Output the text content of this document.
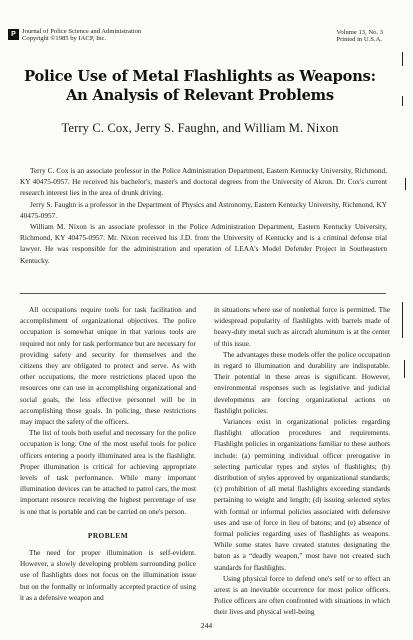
P Journal of Police Science and Administration
Copyright ©1985 by IACP, Inc.
Volume 13, No. 3
Printed in U.S.A.
Police Use of Metal Flashlights as Weapons:
An Analysis of Relevant Problems
Terry C. Cox, Jerry S. Faughn, and William M. Nixon

Terry C. Cox is an associate professor in the Police Administration Department, Eastern Kentucky University, Richmond, KY 40475-0957. He received his bachelor's, master's and doctoral degrees from the University of Akron. Dr. Cox's current research interest lies in the area of drunk driving.

Jerry S. Faughn is a professor in the Department of Physics and Astronomy, Eastern Kentucky University, Richmond, KY 40475-0957.

William M. Nixon is an associate professor in the Police Administration Department, Eastern Kentucky University, Richmond, KY 40475-0957. Mr. Nixon received his J.D. from the University of Kentucky and is a criminal defense trial lawyer. He was responsible for the administration and operation of LEAA's Model Defender Project in Southeastern Kentucky.

All occupations require tools for task facilitation and accomplishment of organizational objectives. The police occupation is somewhat unique in that various tools are required not only for task performance but are necessary for providing safety and security for themselves and the citizens they are obligated to protect and serve. As with other occupations, the more restrictions placed upon the resources one can use in accomplishing organizational and social goals, the less effective personnel will be in accomplishing those goals. In policing, these restrictions may impact the safety of the officers.

The list of tools both useful and necessary for the police occupation is long. One of the most useful tools for police officers entering a poorly illuminated area is the flashlight. Proper illumination is critical for achieving appropriate levels of task performance. While many important illumination devices can be attached to patrol cars, the most important resource receiving the highest percentage of use is one that is portable and can be carried on one's person.

PROBLEM

The need for proper illumination is self-evident. However, a slowly developing problem surrounding police use of flashlights does not focus on the illumination issue but on the formally or informally accepted practice of using it as a defensive weapon and

in situations where use of nonlethal force is permitted. The widespread popularity of flashlights with barrels made of heavy-duty metal such as aircraft aluminum is at the center of this issue.

The advantages these models offer the police occupation in regard to illumination and durability are indisputable. Their potential in these areas is significant. However, environmental responses such as legislative and judicial developments are forcing organizational actions on flashlight policies.

Variances exist in organizational policies regarding flashlight allocation procedures and requirements. Flashlight policies in organizations familiar to these authors include: (a) permitting individual officer prerogative in selecting particular types and styles of flashlights; (b) distribution of styles approved by organizational standards; (c) prohibition of all metal flashlights exceeding standards pertaining to weight and length; (d) issuing selected styles with formal or informal policies associated with defensive uses and use of force in lieu of batons; and (e) absence of formal policies regarding uses of flashlights as weapons. While some states have created statutes designating the baton as a “deadly weapon,” most have not created such standards for flashlights.

Using physical force to defend one's self or to effect an arrest is an inevitable occurrence for most police officers. Police officers are often confronted with situations in which their lives and physical well-being

244
